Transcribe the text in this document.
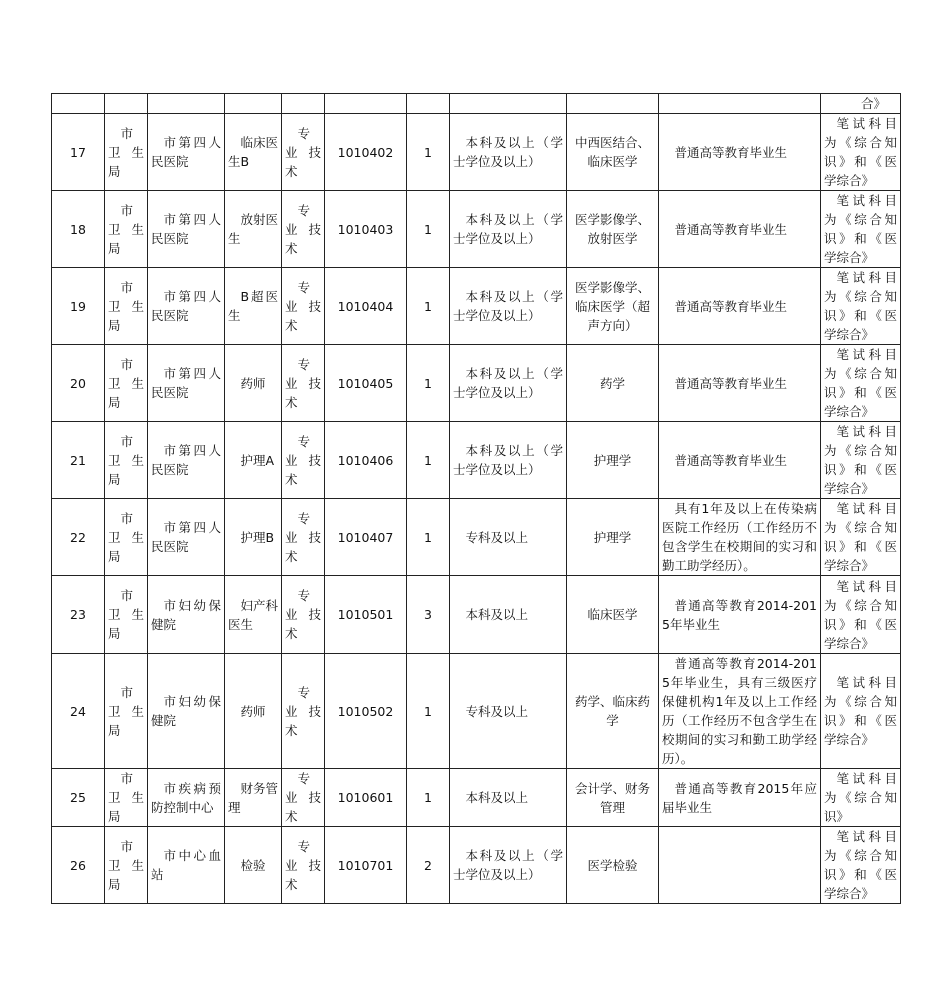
										合》
17	市卫生局	市第四人民医院	临床医生B	专业技术	1010402	1	本科及以上（学士学位及以上）	中西医结合、临床医学	普通高等教育毕业生	笔试科目为《综合知识》和《医学综合》
18	市卫生局	市第四人民医院	放射医生	专业技术	1010403	1	本科及以上（学士学位及以上）	医学影像学、放射医学	普通高等教育毕业生	笔试科目为《综合知识》和《医学综合》
19	市卫生局	市第四人民医院	B超医生	专业技术	1010404	1	本科及以上（学士学位及以上）	医学影像学、临床医学（超声方向）	普通高等教育毕业生	笔试科目为《综合知识》和《医学综合》
20	市卫生局	市第四人民医院	药师	专业技术	1010405	1	本科及以上（学士学位及以上）	药学	普通高等教育毕业生	笔试科目为《综合知识》和《医学综合》
21	市卫生局	市第四人民医院	护理A	专业技术	1010406	1	本科及以上（学士学位及以上）	护理学	普通高等教育毕业生	笔试科目为《综合知识》和《医学综合》
22	市卫生局	市第四人民医院	护理B	专业技术	1010407	1	专科及以上	护理学	具有1年及以上在传染病医院工作经历（工作经历不包含学生在校期间的实习和勤工助学经历）。	笔试科目为《综合知识》和《医学综合》
23	市卫生局	市妇幼保健院	妇产科医生	专业技术	1010501	3	本科及以上	临床医学	普通高等教育2014-2015年毕业生	笔试科目为《综合知识》和《医学综合》
24	市卫生局	市妇幼保健院	药师	专业技术	1010502	1	专科及以上	药学、临床药学	普通高等教育2014-2015年毕业生，具有三级医疗保健机构1年及以上工作经历（工作经历不包含学生在校期间的实习和勤工助学经历）。	笔试科目为《综合知识》和《医学综合》
25	市卫生局	市疾病预防控制中心	财务管理	专业技术	1010601	1	本科及以上	会计学、财务管理	普通高等教育2015年应届毕业生	笔试科目为《综合知识》
26	市卫生局	市中心血站	检验	专业技术	1010701	2	本科及以上（学士学位及以上）	医学检验		笔试科目为《综合知识》和《医学综合》
